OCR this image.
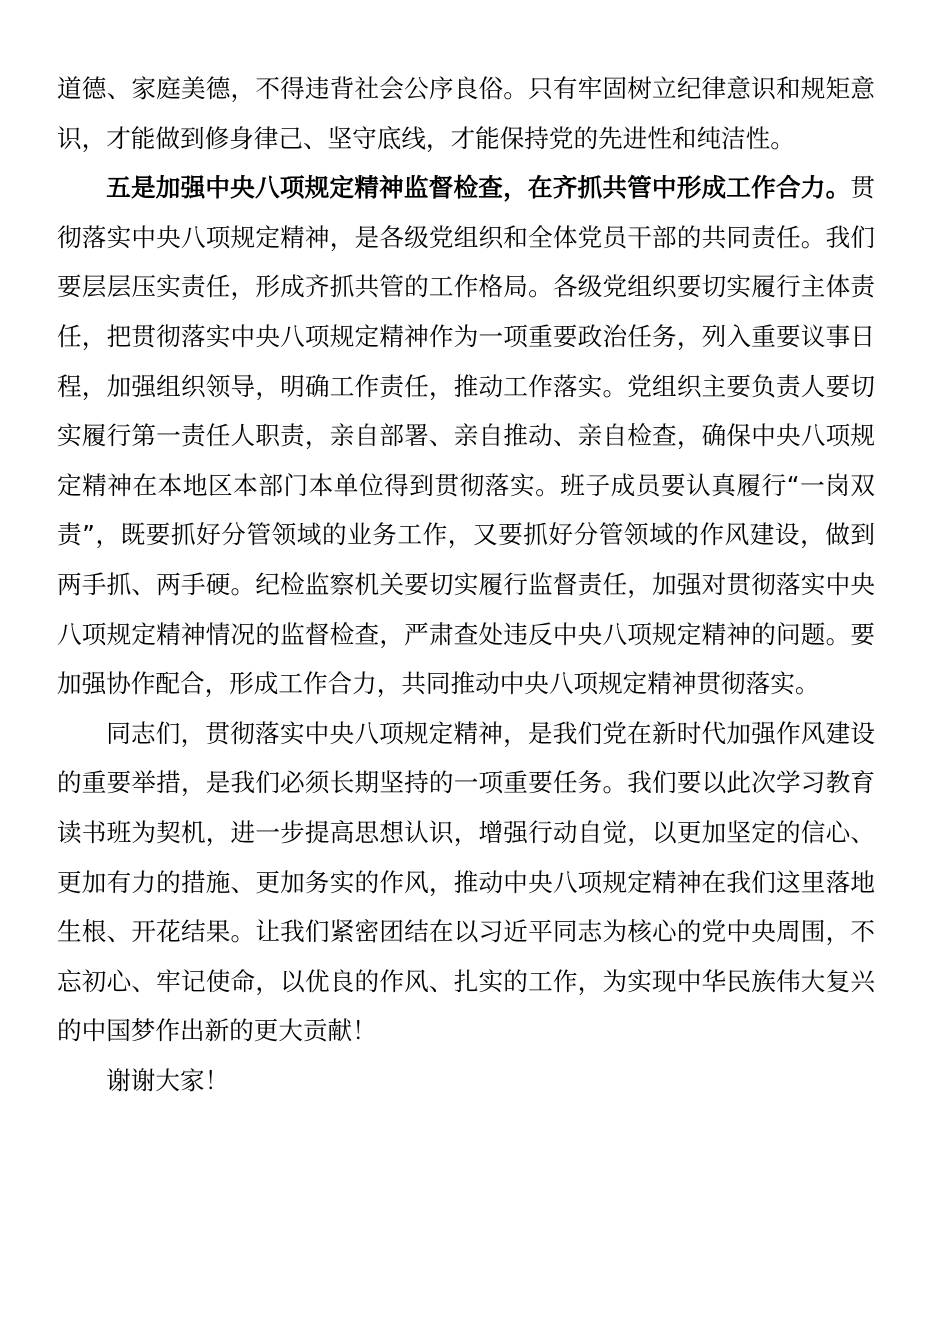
道德、家庭美德，不得违背社会公序良俗。只有牢固树立纪律意识和规矩意识，才能做到修身律己、坚守底线，才能保持党的先进性和纯洁性。

五是加强中央八项规定精神监督检查，在齐抓共管中形成工作合力。贯彻落实中央八项规定精神，是各级党组织和全体党员干部的共同责任。我们要层层压实责任，形成齐抓共管的工作格局。各级党组织要切实履行主体责任，把贯彻落实中央八项规定精神作为一项重要政治任务，列入重要议事日程，加强组织领导，明确工作责任，推动工作落实。党组织主要负责人要切实履行第一责任人职责，亲自部署、亲自推动、亲自检查，确保中央八项规定精神在本地区本部门本单位得到贯彻落实。班子成员要认真履行“一岗双责”，既要抓好分管领域的业务工作，又要抓好分管领域的作风建设，做到两手抓、两手硬。纪检监察机关要切实履行监督责任，加强对贯彻落实中央八项规定精神情况的监督检查，严肃查处违反中央八项规定精神的问题。要加强协作配合，形成工作合力，共同推动中央八项规定精神贯彻落实。

同志们，贯彻落实中央八项规定精神，是我们党在新时代加强作风建设的重要举措，是我们必须长期坚持的一项重要任务。我们要以此次学习教育读书班为契机，进一步提高思想认识，增强行动自觉，以更加坚定的信心、更加有力的措施、更加务实的作风，推动中央八项规定精神在我们这里落地生根、开花结果。让我们紧密团结在以习近平同志为核心的党中央周围，不忘初心、牢记使命，以优良的作风、扎实的工作，为实现中华民族伟大复兴的中国梦作出新的更大贡献！

谢谢大家！
